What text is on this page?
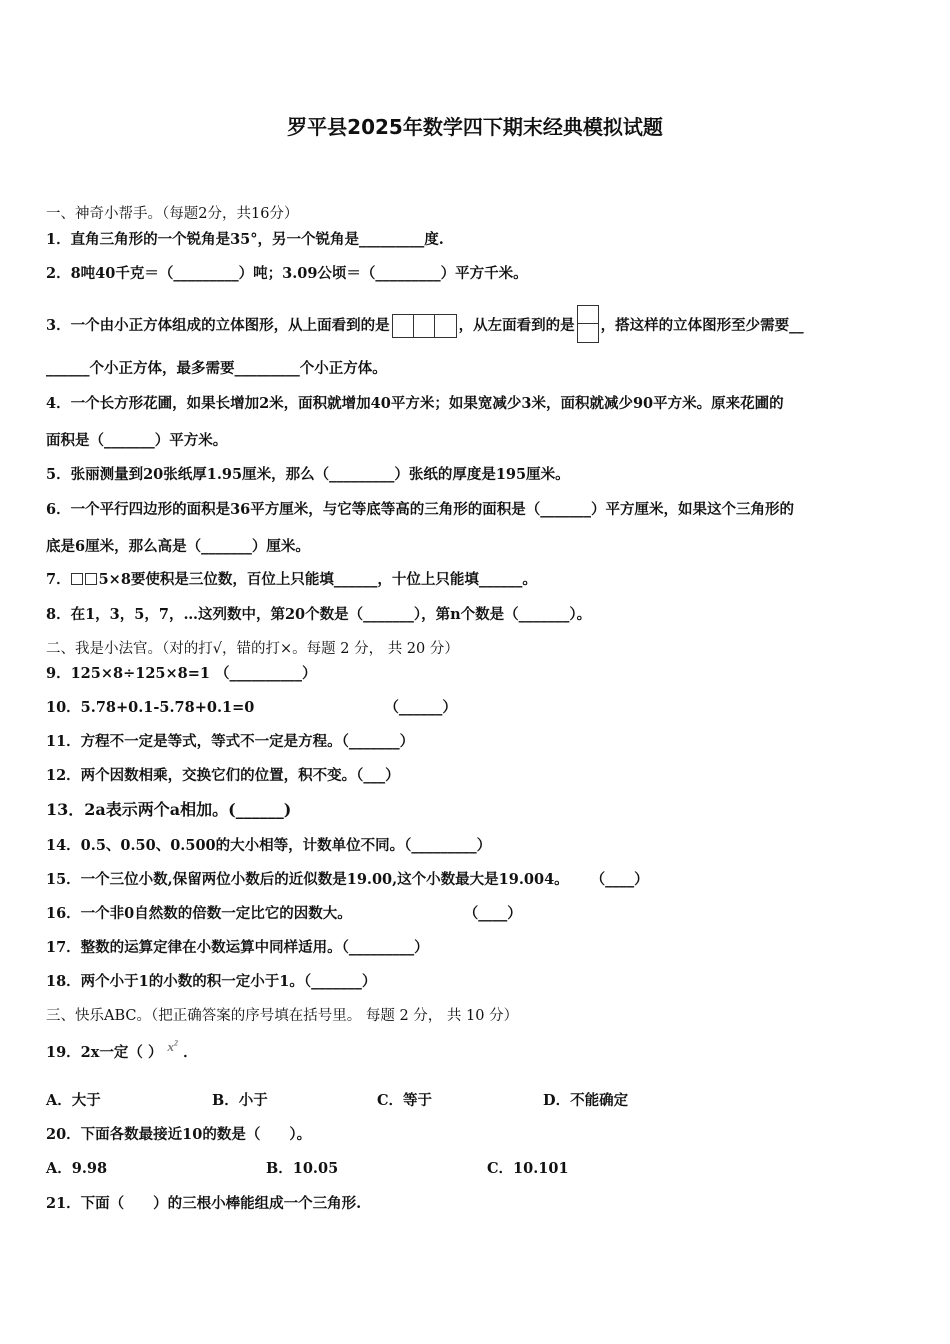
罗平县2025年数学四下期末经典模拟试题
一、神奇小帮手。（每题2分，共16分）
1．直角三角形的一个锐角是35°，另一个锐角是_________度.
2．8吨40千克＝（_________）吨；3.09公顷＝（_________）平方千米。
3．一个由小正方体组成的立体图形，从上面看到的是	，从左面看到的是 ，搭这样的立体图形至少需要__
______个小正方体，最多需要_________个小正方体。
4．一个长方形花圃，如果长增加2米，面积就增加40平方米；如果宽减少3米，面积就减少90平方米。原来花圃的
面积是（_______）平方米。
5．张丽测量到20张纸厚1.95厘米，那么（_________）张纸的厚度是195厘米。
6．一个平行四边形的面积是36平方厘米，与它等底等高的三角形的面积是（_______）平方厘米，如果这个三角形的
底是6厘米，那么高是（_______）厘米。
7． 5×8要使积是三位数，百位上只能填______，十位上只能填______。
8．在1，3，5，7，…这列数中，第20个数是（_______），第n个数是（_______）。
二、我是小法官。（对的打√，错的打×。每题 2 分， 共 20 分）
9．125×8÷125×8=1 （__________）
10．5.78+0.1-5.78+0.1=0	（______）
11．方程不一定是等式，等式不一定是方程。（_______）
12．两个因数相乘，交换它们的位置，积不变。（___）
13．2a表示两个a相加。(______)
14．0.5、0.50、0.500的大小相等，计数单位不同。（_________）
15．一个三位小数,保留两位小数后的近似数是19.00,这个小数最大是19.004。 （____）
16．一个非0自然数的倍数一定比它的因数大。	（____）
17．整数的运算定律在小数运算中同样适用。（_________）
18．两个小于1的小数的积一定小于1。（_______）
三、快乐ABC。（把正确答案的序号填在括号里。 每题 2 分， 共 10 分）
19．2x一定（ ） $x^2$ ．
A．大于	B．小于	C．等于	D．不能确定
20．下面各数最接近10的数是（　　）。
A．9.98	B．10.05	C．10.101
21．下面（　　）的三根小棒能组成一个三角形.
